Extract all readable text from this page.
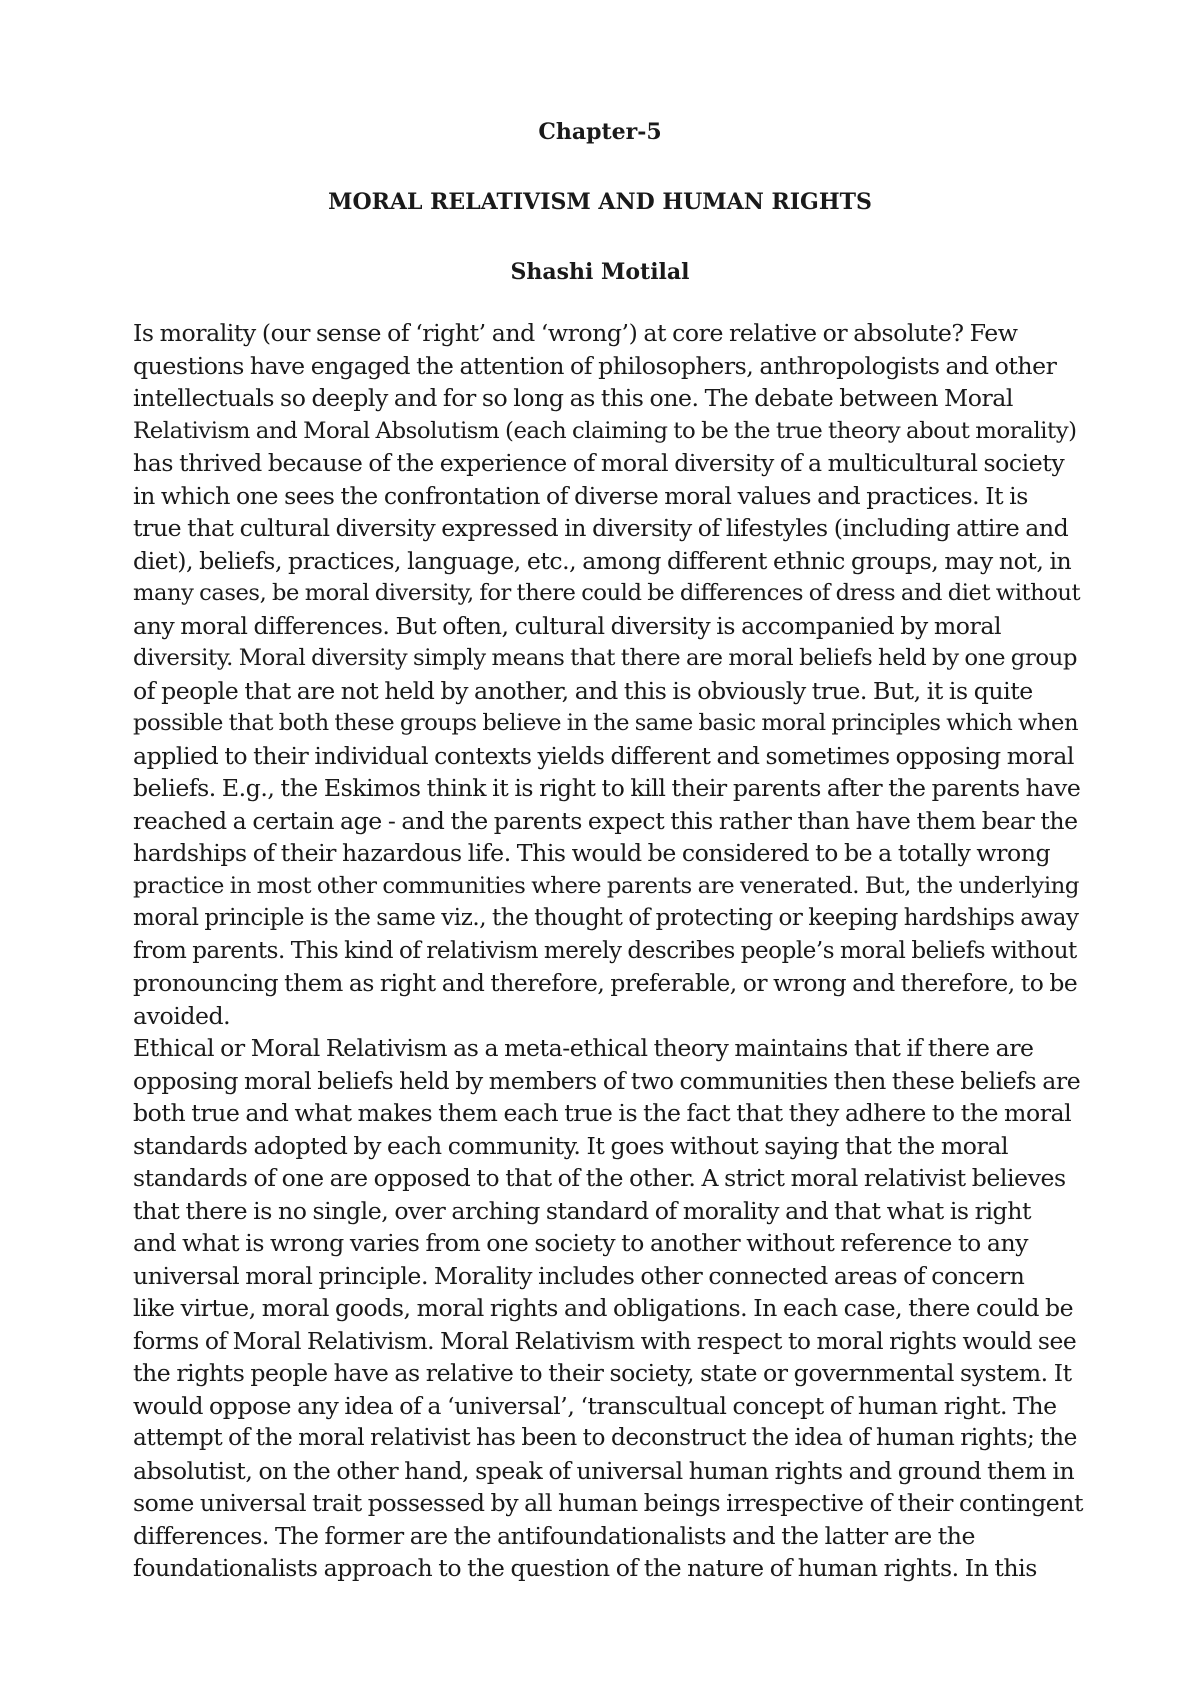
Chapter-5
MORAL RELATIVISM AND HUMAN RIGHTS
Shashi Motilal
Is morality (our sense of ‘right’ and ‘wrong’) at core relative or absolute? Few
questions have engaged the attention of philosophers, anthropologists and other
intellectuals so deeply and for so long as this one. The debate between Moral
Relativism and Moral Absolutism (each claiming to be the true theory about morality)
has thrived because of the experience of moral diversity of a multicultural society
in which one sees the confrontation of diverse moral values and practices. It is
true that cultural diversity expressed in diversity of lifestyles (including attire and
diet), beliefs, practices, language, etc., among different ethnic groups, may not, in
many cases, be moral diversity, for there could be differences of dress and diet without
any moral differences. But often, cultural diversity is accompanied by moral
diversity. Moral diversity simply means that there are moral beliefs held by one group
of people that are not held by another, and this is obviously true. But, it is quite
possible that both these groups believe in the same basic moral principles which when
applied to their individual contexts yields different and sometimes opposing moral
beliefs. E.g., the Eskimos think it is right to kill their parents after the parents have
reached a certain age - and the parents expect this rather than have them bear the
hardships of their hazardous life. This would be considered to be a totally wrong
practice in most other communities where parents are venerated. But, the underlying
moral principle is the same viz., the thought of protecting or keeping hardships away
from parents. This kind of relativism merely describes people’s moral beliefs without
pronouncing them as right and therefore, preferable, or wrong and therefore, to be
avoided.
Ethical or Moral Relativism as a meta-ethical theory maintains that if there are
opposing moral beliefs held by members of two communities then these beliefs are
both true and what makes them each true is the fact that they adhere to the moral
standards adopted by each community. It goes without saying that the moral
standards of one are opposed to that of the other. A strict moral relativist believes
that there is no single, over arching standard of morality and that what is right
and what is wrong varies from one society to another without reference to any
universal moral principle. Morality includes other connected areas of concern
like virtue, moral goods, moral rights and obligations. In each case, there could be
forms of Moral Relativism. Moral Relativism with respect to moral rights would see
the rights people have as relative to their society, state or governmental system. It
would oppose any idea of a ‘universal’, ‘transcultual concept of human right. The
attempt of the moral relativist has been to deconstruct the idea of human rights; the
absolutist, on the other hand, speak of universal human rights and ground them in
some universal trait possessed by all human beings irrespective of their contingent
differences. The former are the antifoundationalists and the latter are the
foundationalists approach to the question of the nature of human rights. In this
